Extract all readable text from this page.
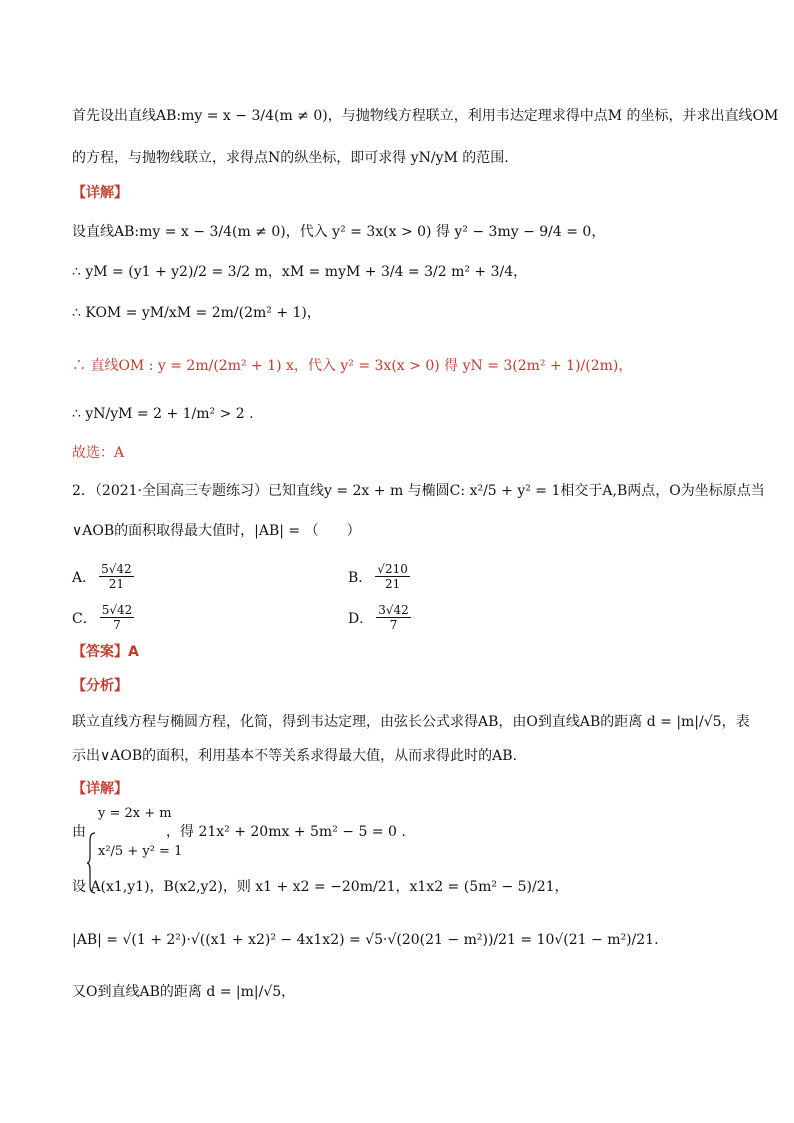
首先设出直线AB:my = x − 3/4(m ≠ 0)，与抛物线方程联立，利用韦达定理求得中点M 的坐标，并求出直线OM
的方程，与抛物线联立，求得点N的纵坐标，即可求得 yN/yM 的范围.
【详解】
设直线AB:my = x − 3/4(m ≠ 0)，代入 y² = 3x(x > 0) 得 y² − 3my − 9/4 = 0，
∴ yM = (y1 + y2)/2 = 3/2 m，xM = myM + 3/4 = 3/2 m² + 3/4，
∴ KOM = yM/xM = 2m/(2m² + 1)，
∴ 直线OM : y = 2m/(2m² + 1) x，代入 y² = 3x(x > 0) 得 yN = 3(2m² + 1)/(2m)，
∴ yN/yM = 2 + 1/m² > 2 .
故选：A
2．（2021·全国高三专题练习）已知直线y = 2x + m 与椭圆C: x²/5 + y² = 1相交于A,B两点，O为坐标原点当
∨AOB的面积取得最大值时，|AB| = （　　）
A． $\frac{5√42}{21}$	B． $\frac{√210}{21}$
C． $\frac{5√42}{7}$	D． $\frac{3√42}{7}$
【答案】A
【分析】
联立直线方程与椭圆方程，化简，得到韦达定理，由弦长公式求得AB，由O到直线AB的距离 d = |m|/√5，表
示出∨AOB的面积，利用基本不等关系求得最大值，从而求得此时的AB.
【详解】
由
y = 2x + m
x²/5 + y² = 1
，得 21x² + 20mx + 5m² − 5 = 0 .
设 A(x1,y1)，B(x2,y2)，则 x1 + x2 = −20m/21，x1x2 = (5m² − 5)/21，
|AB| = √(1 + 2²)·√((x1 + x2)² − 4x1x2) = √5·√(20(21 − m²))/21 = 10√(21 − m²)/21.
又O到直线AB的距离 d = |m|/√5，
